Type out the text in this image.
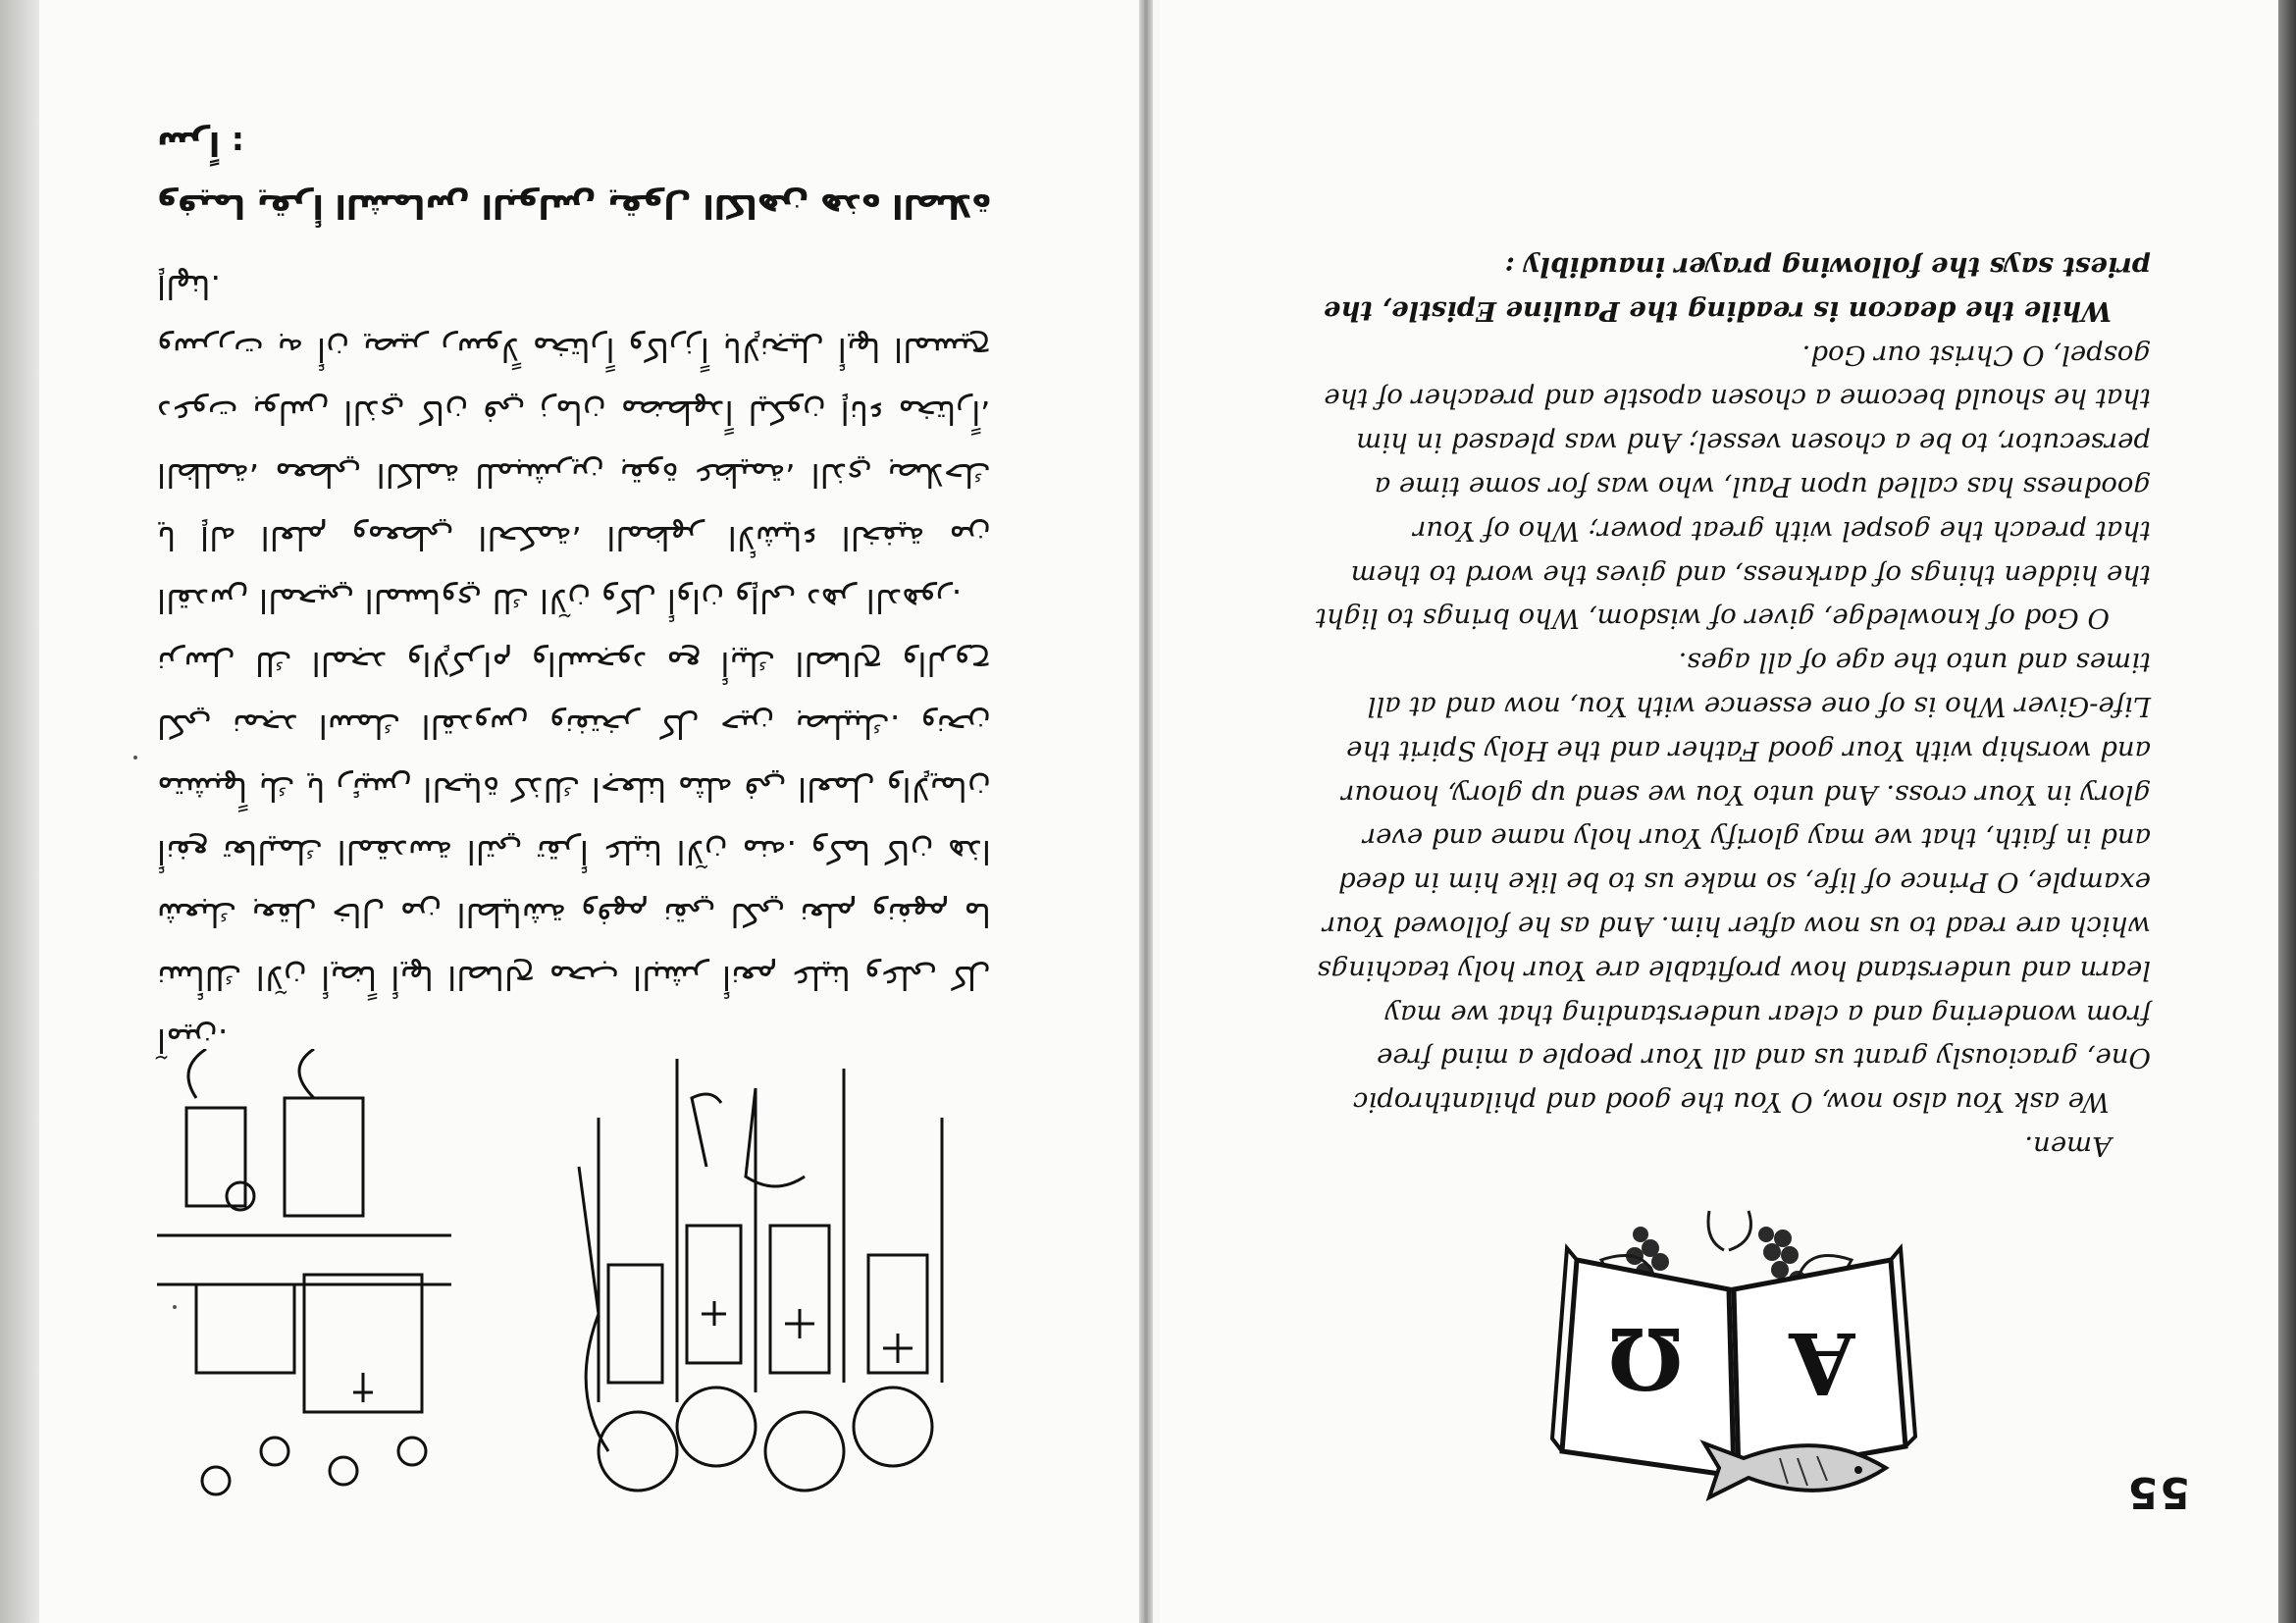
55
A
Ω

Amen.

We ask You also now, O You the good and philanthropic One, graciously grant us and all Your people a mind free from wondering and a clear understanding that we may learn and understand how profitable are Your holy teachings which are read to us now after him. And as he followed Your example, O Prince of life, so make us to be like him in deed and in faith, that we may glorify Your holy name and ever glory in Your cross. And unto You we send up glory, honour and worship with Your good Father and the Holy Spirit the Life-Giver Who is of one essence with You, now and at all times and unto the age of all ages.

O God of knowledge, giver of wisdom, Who brings to light the hidden things of darkness, and gives the word to them that preach the gospel with great power; Who of Your goodness has called upon Paul, who was for some time a persecutor, to be a chosen vessel; And was pleased in him that he should become a chosen apostle and preacher of the gospel, O Christ our God.

While the deacon is reading the Pauline Epistle, the priest says the following prayer inaudibly :

آمين.

نسألك الآن أيضاً أيها الصالح محب البشر أنعم علينا وعلى كل شعبك بعقل خال من الطياشة وفهم نقي لكي نعلم ونفهم ما أنفع تعاليمك المقدسة التي تقرأ علينا الآن منه. وكما كان هذا متشبهاً بك يا رئيس الحياة كذلك اجعلنا مثله في العمل والإيمان لكي نمجد اسمك القدوس ونفتخر كل حين بصليبك. ونحن نرسل لك المجد والإكرام والسجود مع أبيك الصالح والروح القدس المحيي المساوي لك الآن وكل أوان وإلى دهر الدهور.

يا إله العلم ومعطي الحكمة، المظهر الأشياء الخفية من الظلمة، معطي الكلمة للمبشرين بقوة عظيمة، الذي بصلاحك دعوت بولس الذي كان في زمان مضطهداً ليكون إناء مختاراً، وسررت به أن يصير رسولاً مختاراً وكارزاً بالإنجيل أيها المسيح إلهنا.

وفيما يقرأ الشماس البولس يقول الكاهن هذه الصلاة سراً :
